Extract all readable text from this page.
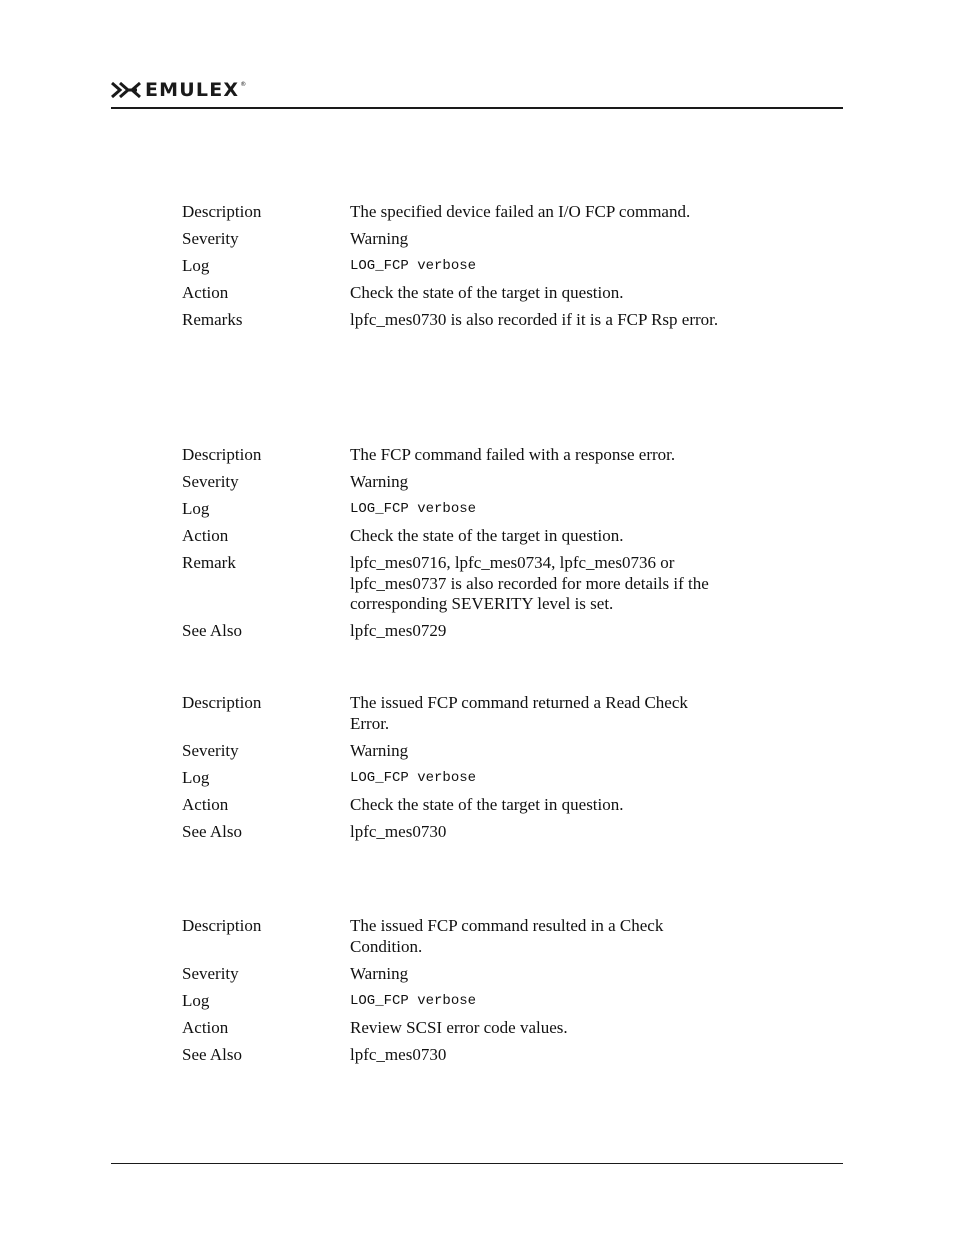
EMULEX ®
Description	The specified device failed an I/O FCP command.
Severity	Warning
Log	LOG_FCP verbose
Action	Check the state of the target in question.
Remarks	lpfc_mes0730 is also recorded if it is a FCP Rsp error.
Description	The FCP command failed with a response error.
Severity	Warning
Log	LOG_FCP verbose
Action	Check the state of the target in question.
Remark	lpfc_mes0716, lpfc_mes0734, lpfc_mes0736 or lpfc_mes0737 is also recorded for more details if the corresponding SEVERITY level is set.
See Also	lpfc_mes0729
Description	The issued FCP command returned a Read Check Error.
Severity	Warning
Log	LOG_FCP verbose
Action	Check the state of the target in question.
See Also	lpfc_mes0730
Description	The issued FCP command resulted in a Check Condition.
Severity	Warning
Log	LOG_FCP verbose
Action	Review SCSI error code values.
See Also	lpfc_mes0730
